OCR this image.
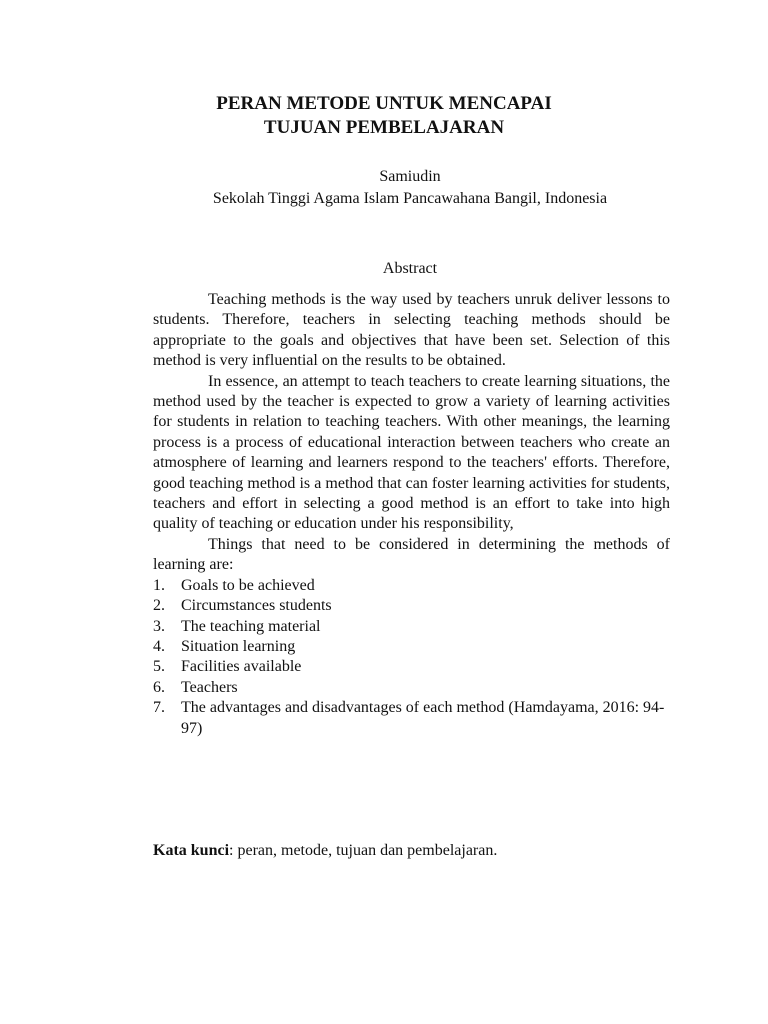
PERAN METODE UNTUK MENCAPAI
TUJUAN PEMBELAJARAN
Samiudin
Sekolah Tinggi Agama Islam Pancawahana Bangil, Indonesia
Abstract

Teaching methods is the way used by teachers unruk deliver lessons to students. Therefore, teachers in selecting teaching methods should be appropriate to the goals and objectives that have been set. Selection of this method is very influential on the results to be obtained.

In essence, an attempt to teach teachers to create learning situations, the method used by the teacher is expected to grow a variety of learning activities for students in relation to teaching teachers. With other meanings, the learning process is a process of educational interaction between teachers who create an atmosphere of learning and learners respond to the teachers' efforts. Therefore, good teaching method is a method that can foster learning activities for students, teachers and effort in selecting a good method is an effort to take into high quality of teaching or education under his responsibility,

Things that need to be considered in determining the methods of learning are:

1. Goals to be achieved
2. Circumstances students
3. The teaching material
4. Situation learning
5. Facilities available
6. Teachers
7. The advantages and disadvantages of each method (Hamdayama, 2016: 94-97)
Kata kunci: peran, metode, tujuan dan pembelajaran.
